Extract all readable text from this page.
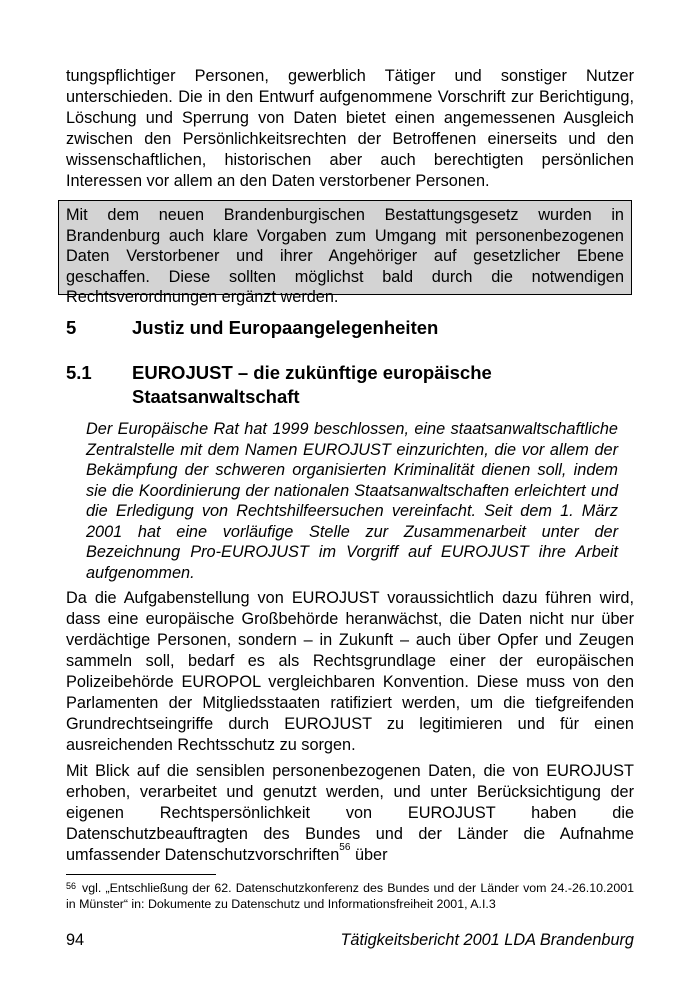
tungspflichtiger Personen, gewerblich Tätiger und sonstiger Nutzer unterschieden. Die in den Entwurf aufgenommene Vorschrift zur Berichtigung, Löschung und Sperrung von Daten bietet einen angemessenen Ausgleich zwischen den Persönlichkeitsrechten der Betroffenen einerseits und den wissenschaftlichen, historischen aber auch berechtigten persönlichen Interessen vor allem an den Daten verstorbener Personen.

Mit dem neuen Brandenburgischen Bestattungsgesetz wurden in Brandenburg auch klare Vorgaben zum Umgang mit personenbezogenen Daten Verstorbener und ihrer Angehöriger auf gesetzlicher Ebene geschaffen. Diese sollten möglichst bald durch die notwendigen Rechtsverordnungen ergänzt werden.

5	Justiz und Europaangelegenheiten
5.1 EUROJUST – die zukünftige europäische Staatsanwaltschaft

Der Europäische Rat hat 1999 beschlossen, eine staatsanwaltschaftliche Zentralstelle mit dem Namen EUROJUST einzurichten, die vor allem der Bekämpfung der schweren organisierten Kriminalität dienen soll, indem sie die Koordinierung der nationalen Staatsanwaltschaften erleichtert und die Erledigung von Rechtshilfeersuchen vereinfacht. Seit dem 1. März 2001 hat eine vorläufige Stelle zur Zusammenarbeit unter der Bezeichnung Pro-EUROJUST im Vorgriff auf EUROJUST ihre Arbeit aufgenommen.

Da die Aufgabenstellung von EUROJUST voraussichtlich dazu führen wird, dass eine europäische Großbehörde heranwächst, die Daten nicht nur über verdächtige Personen, sondern – in Zukunft – auch über Opfer und Zeugen sammeln soll, bedarf es als Rechtsgrundlage einer der europäischen Polizeibehörde EUROPOL vergleichbaren Konvention. Diese muss von den Parlamenten der Mitgliedsstaaten ratifiziert werden, um die tiefgreifenden Grundrechtseingriffe durch EUROJUST zu legitimieren und für einen ausreichenden Rechtsschutz zu sorgen.

Mit Blick auf die sensiblen personenbezogenen Daten, die von EUROJUST erhoben, verarbeitet und genutzt werden, und unter Berücksichtigung der eigenen Rechtspersönlichkeit von EUROJUST haben die Datenschutzbeauftragten des Bundes und der Länder die Aufnahme umfassender Datenschutzvorschriften$^{56}$ über

$^{56}$ vgl. „Entschließung der 62. Datenschutzkonferenz des Bundes und der Länder vom 24.-26.10.2001 in Münster“ in: Dokumente zu Datenschutz und Informationsfreiheit 2001, A.I.3

94	Tätigkeitsbericht 2001 LDA Brandenburg
